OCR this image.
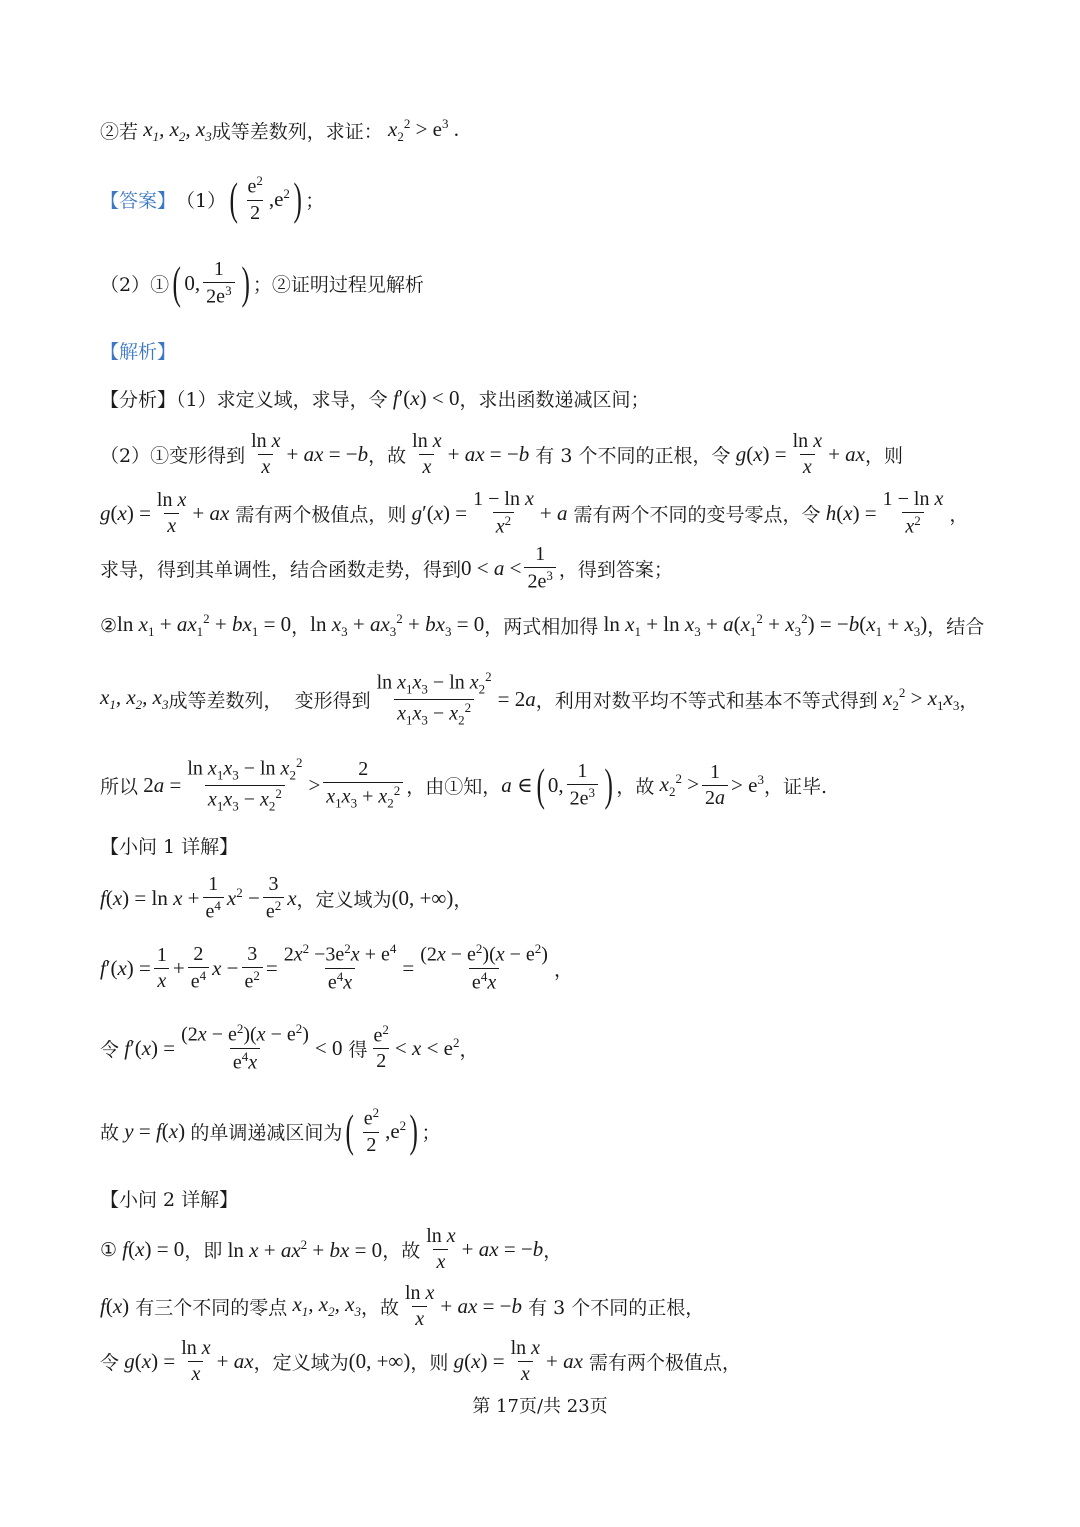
②若 $x_1$, $x_2$, $x_3$ 成等差数列，求证： $x_2^2 > e^3$ .
【答案】 （1） ( $\frac{e^2}{2} ,e^2$ ) ；
（2）① ( 0, $\frac{1}{2e^3}$ ) ；②证明过程见解析
【解析】
【分析】（1）求定义域，求导，令 f′(x) < 0 ，求出函数递减区间；
（2）①变形得到 $\frac{\text{ln x}}{x}$ + ax = −b ，故 $\frac{\text{ln x}}{x}$ + ax = −b 有 3 个不同的正根，令 $g(x) = \frac{\text{ln x}}{x}$ + ax ，则
$g(x) = \frac{\text{ln x}}{x}$ + ax 需有两个极值点，则 $g'(x) = \frac{\text{1 − ln x}}{x^2} + a$ 需有两个不同的变号零点，令 $h(x) = \frac{\text{1 − ln x}}{x^2}$ ，
求导，得到其单调性，结合函数走势，得到 $0 < a < \frac{1}{2e^3}$ ，得到答案；
② $\ln x_1 + ax_1^2 + bx_1 = 0$ ， $\ln x_3 + ax_3^2 + bx_3 = 0$ ，两式相加得 $\ln x_1 + \ln x_3 + a(x_1^2 + x_3^2) = -b(x_1 + x_3)$ ，结合
$x_1$, $x_2$, $x_3$ 成等差数列，  变形得到 $\frac{\ln x_1x_3 - \ln x_2^2}{x_1x_3 - x_2^2} = 2a$ ，利用对数平均不等式和基本不等式得到 $x_2^2 > x_1x_3$ ，
所以 $2a = \frac{\ln x_1x_3 - \ln x_2^2}{x_1x_3 - x_2^2} > \frac{2}{x_1x_3 + x_2^2}$ ，由①知， a ∈ ( 0, $\frac{1}{2e^3}$ ) ，故 $x_2^2 > \frac{1}{2a} > e^3$ ，证毕.
【小问 1 详解】
$f(x) = \ln x + \frac{1}{e^4} x^2 - \frac{3}{e^2}$ x ，定义域为 (0, +∞) ，
$f'(x) = \frac{1}{x} + \frac{2}{e^4}$ $x - \frac{3}{e^2} = \frac{2x^2 -3e^2x + e^4}{e^4x} = \frac{(2x - e^2)(x - e^2)}{e^4x}$ ，
令 $f'(x) = \frac{(2x - e^2)(x - e^2)}{e^4x} < 0$ 得 $\frac{e^2}{2} < x < e^2$ ，
故 y = f(x) 的单调递减区间为 ( $\frac{e^2}{2} ,e^2$ ) ；
【小问 2 详解】
① f(x) = 0 ，即 $\ln x + ax^2$ + bx = 0 ，故 $\frac{\text{ln x}}{x}$ + ax = −b ，
f(x) 有三个不同的零点 $x_1$, $x_2$, $x_3$ ，故 $\frac{\text{ln x}}{x}$ + ax = −b 有 3 个不同的正根，
令 $g(x) = \frac{\text{ln x}}{x}$ + ax ，定义域为 (0, +∞) ，则 $g(x) = \frac{\text{ln x}}{x}$ + ax 需有两个极值点，
第 17页/共 23页
